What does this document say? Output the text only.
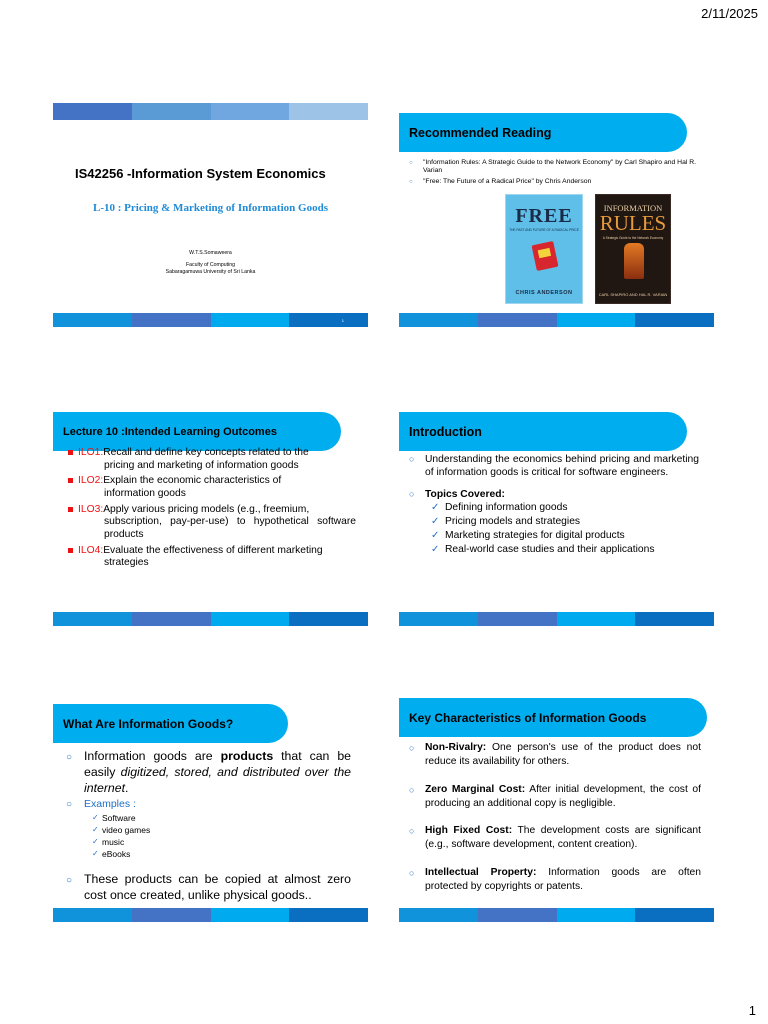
2/11/2025
IS42256 -Information System Economics
L-10 : Pricing & Marketing of Information Goods
W.T.S.Somaweera
Faculty of Computing
Sabaragamuwa University of Sri Lanka
1
Recommended Reading
○ "Information Rules: A Strategic Guide to the Network Economy" by Carl Shapiro and Hal R. Varian
○ "Free: The Future of a Radical Price" by Chris Anderson
FREE
THE PAST AND FUTURE OF A RADICAL PRICE
CHRIS ANDERSON
INFORMATION
RULES
A Strategic Guide to the Network Economy
CARL SHAPIRO AND HAL R. VARIAN
Lecture 10 :Intended Learning Outcomes
ILO1:Recall and define key concepts related to the
pricing and marketing of information goods
ILO2:Explain the economic characteristics of
information goods
ILO3:Apply various pricing models (e.g., freemium,
subscription, pay-per-use) to hypothetical software products
ILO4:Evaluate the effectiveness of different marketing
strategies
Introduction
○ Understanding the economics behind pricing and marketing of information goods is critical for software engineers.
○ Topics Covered:
✓ Defining information goods
✓ Pricing models and strategies
✓ Marketing strategies for digital products
✓ Real-world case studies and their applications
What Are Information Goods?
○ Information goods are products that can be easily digitized, stored, and distributed over the internet.
○ Examples :
✓ Software
✓ video games
✓ music
✓ eBooks
○ These products can be copied at almost zero cost once created, unlike physical goods..
Key Characteristics of Information Goods
○ Non-Rivalry: One person's use of the product does not reduce its availability for others.
○ Zero Marginal Cost: After initial development, the cost of producing an additional copy is negligible.
○ High Fixed Cost: The development costs are significant (e.g., software development, content creation).
○ Intellectual Property: Information goods are often protected by copyrights or patents.
1
